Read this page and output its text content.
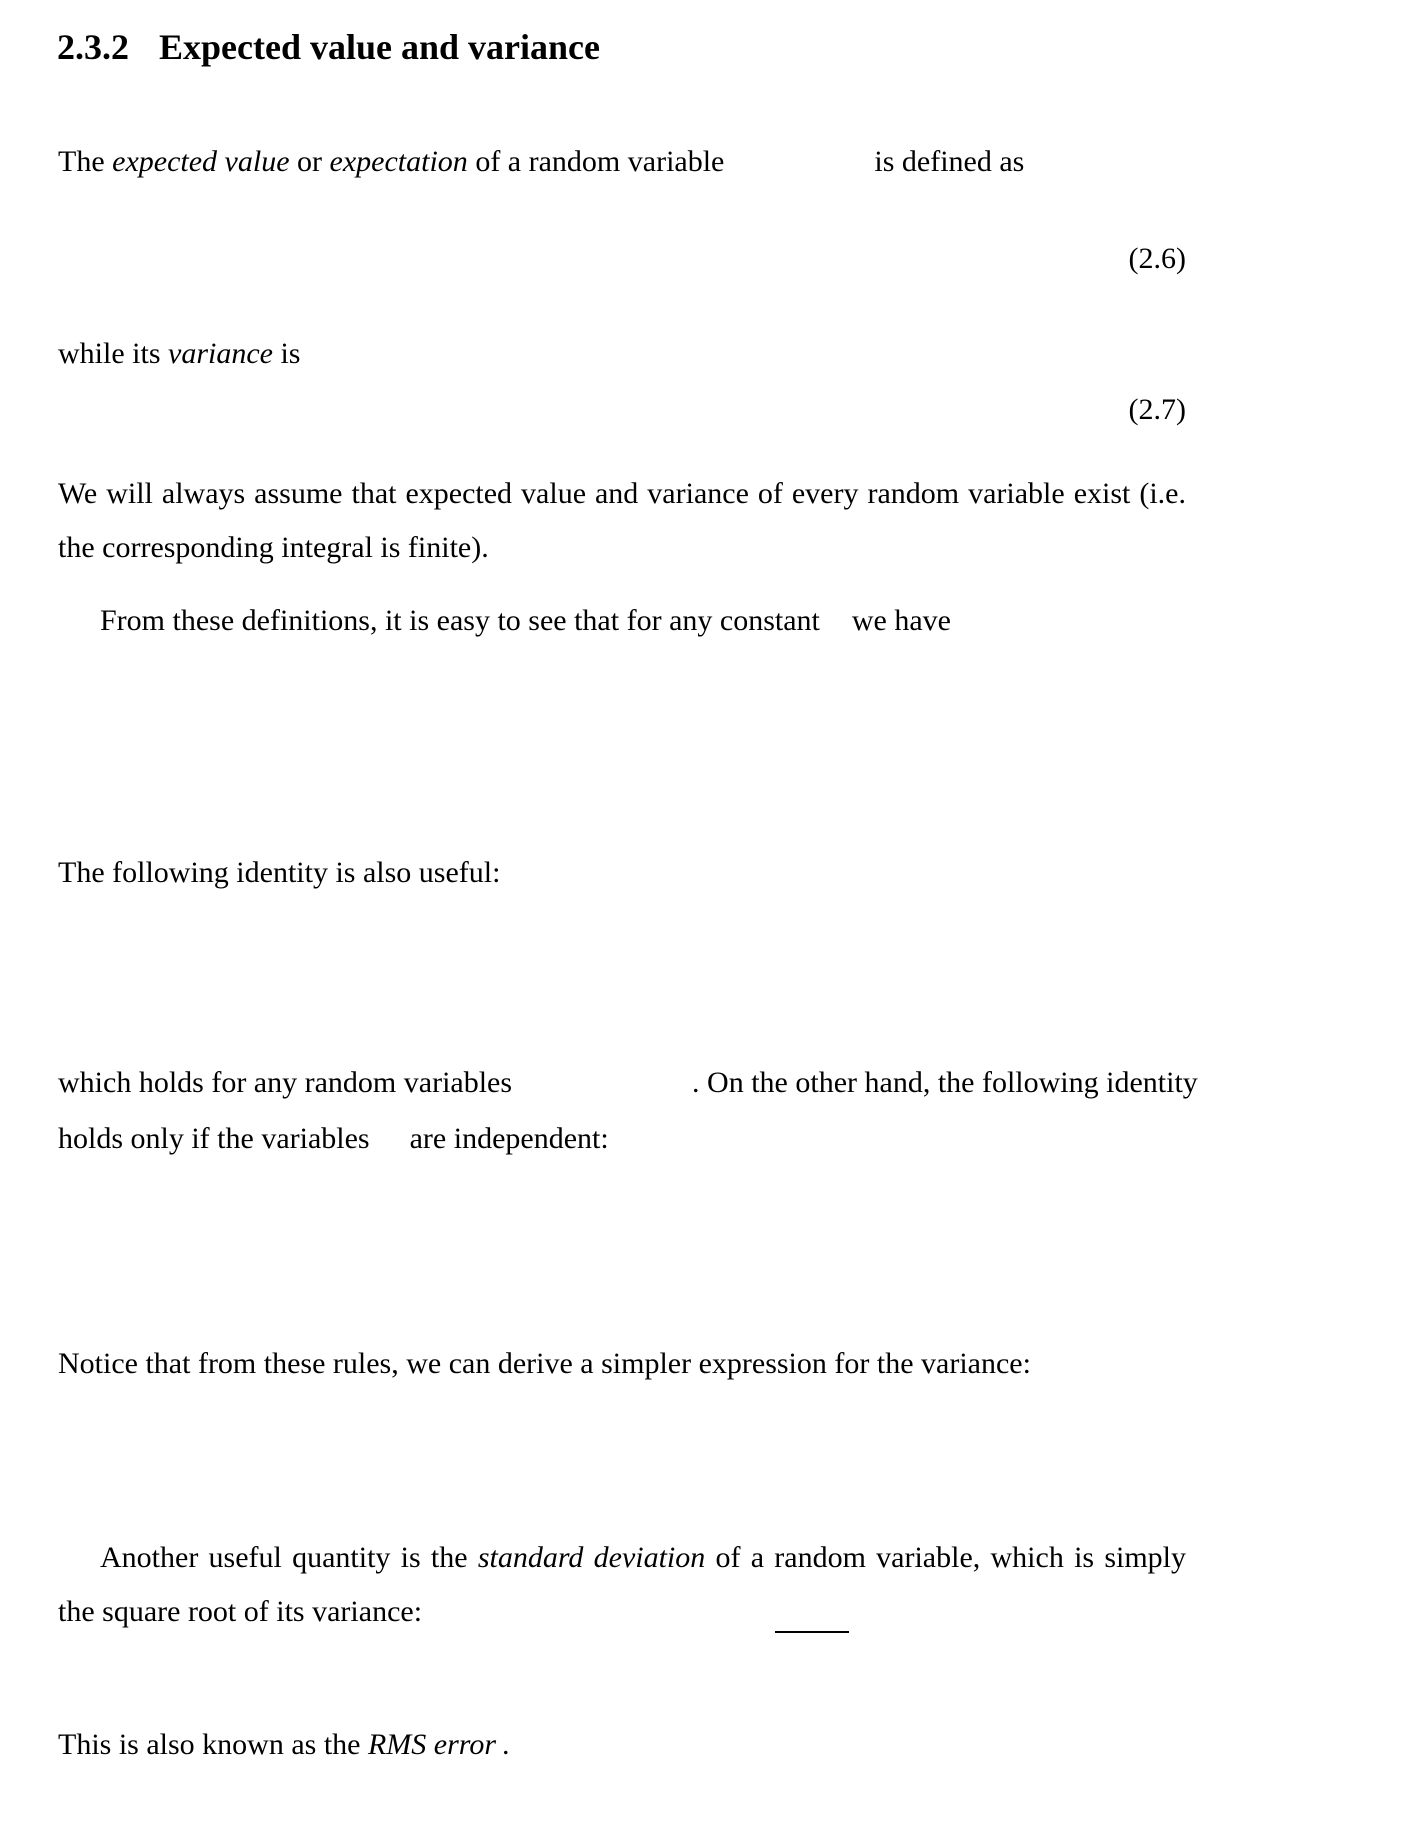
2.3.2 Expected value and variance
The expected value or expectation of a random variable	is defined as
(2.6)
while its variance is
(2.7)
We will always assume that expected value and variance of every random variable exist (i.e.
the corresponding integral is finite).
From these definitions, it is easy to see that for any constant we have
The following identity is also useful:
which holds for any random variables	. On the other hand, the following identity
holds only if the variables are independent:
Notice that from these rules, we can derive a simpler expression for the variance:
Another useful quantity is the standard deviation of a random variable, which is simply
the square root of its variance:
This is also known as the RMS error .
